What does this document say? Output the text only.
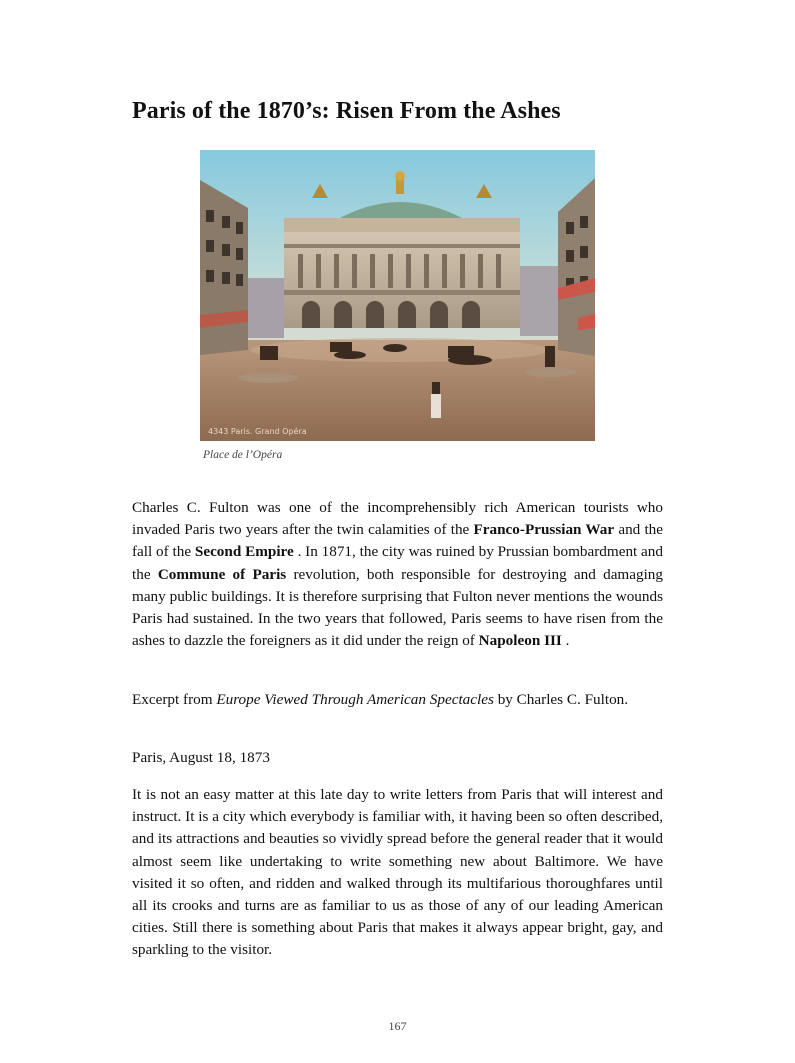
Paris of the 1870’s: Risen From the Ashes
4343 Paris. Grand Opéra
Place de l’Opéra

Charles C. Fulton was one of the incomprehensibly rich American tourists who invaded Paris two years after the twin calamities of the Franco-Prussian War and the fall of the Second Empire . In 1871, the city was ruined by Prussian bombardment and the Commune of Paris revolution, both responsible for destroying and damaging many public buildings. It is therefore surprising that Fulton never mentions the wounds Paris had sustained. In the two years that followed, Paris seems to have risen from the ashes to dazzle the foreigners as it did under the reign of Napoleon III .

Excerpt from Europe Viewed Through American Spectacles by Charles C. Fulton.

Paris, August 18, 1873

It is not an easy matter at this late day to write letters from Paris that will interest and instruct. It is a city which everybody is familiar with, it having been so often described, and its attractions and beauties so vividly spread before the general reader that it would almost seem like undertaking to write something new about Baltimore. We have visited it so often, and ridden and walked through its multifarious thoroughfares until all its crooks and turns are as familiar to us as those of any of our leading American cities. Still there is something about Paris that makes it always appear bright, gay, and sparkling to the visitor.

167
